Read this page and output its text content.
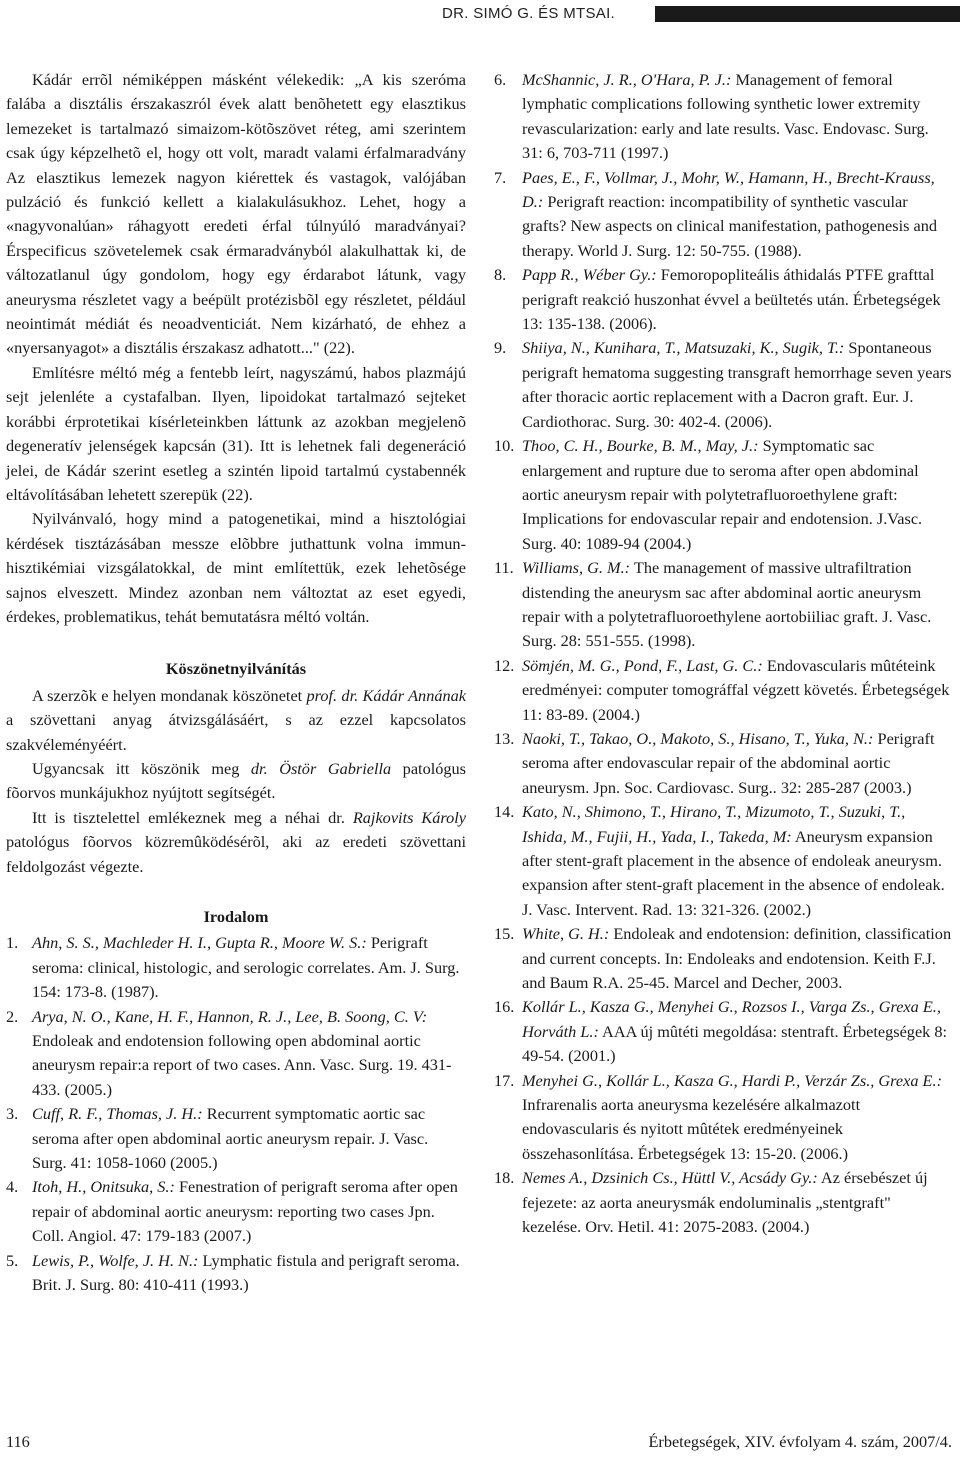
DR. SIMÓ G. ÉS MTSAI.

Kádár errõl némiképpen másként vélekedik: „A kis szeróma falába a disztális érszakaszról évek alatt benõhetett egy elasztikus lemezeket is tartalmazó simaizom-kötõszövet réteg, ami szerintem csak úgy képzelhetõ el, hogy ott volt, maradt valami érfalmaradvány Az elasztikus lemezek nagyon kiérettek és vastagok, valójában pulzáció és funkció kellett a kialakulásukhoz. Lehet, hogy a «nagyvonalúan» ráhagyott eredeti érfal túlnyúló maradványai? Érspecificus szövetelemek csak érmaradványból alakulhattak ki, de változatlanul úgy gondolom, hogy egy érdarabot látunk, vagy aneurysma részletet vagy a beépült protézisbõl egy részletet, például neointimát médiát és neoadventiciát. Nem kizárható, de ehhez a «nyersanyagot» a disztális érszakasz adhatott..." (22).

Említésre méltó még a fentebb leírt, nagyszámú, habos plazmájú sejt jelenléte a cystafalban. Ilyen, lipoidokat tartalmazó sejteket korábbi érprotetikai kísérleteinkben láttunk az azokban megjelenõ degeneratív jelenségek kapcsán (31). Itt is lehetnek fali degeneráció jelei, de Kádár szerint esetleg a szintén lipoid tartalmú cystabennék eltávolításában lehetett szerepük (22).

Nyilvánvaló, hogy mind a patogenetikai, mind a hisztológiai kérdések tisztázásában messze elõbbre juthattunk volna immun-hisztikémiai vizsgálatokkal, de mint említettük, ezek lehetõsége sajnos elveszett. Mindez azonban nem változtat az eset egyedi, érdekes, problematikus, tehát bemutatásra méltó voltán.

Köszönetnyilvánítás

A szerzõk e helyen mondanak köszönetet prof. dr. Kádár Annának a szövettani anyag átvizsgálásáért, s az ezzel kapcsolatos szakvéleményéért.

Ugyancsak itt köszönik meg dr. Östör Gabriella patológus fõorvos munkájukhoz nyújtott segítségét.

Itt is tisztelettel emlékeznek meg a néhai dr. Rajkovits Károly patológus fõorvos közremûködésérõl, aki az eredeti szövettani feldolgozást végezte.

Irodalom
1. Ahn, S. S., Machleder H. I., Gupta R., Moore W. S.: Perigraft seroma: clinical, histologic, and serologic correlates. Am. J. Surg. 154: 173-8. (1987).
2. Arya, N. O., Kane, H. F., Hannon, R. J., Lee, B. Soong, C. V: Endoleak and endotension following open abdominal aortic aneurysm repair:a report of two cases. Ann. Vasc. Surg. 19. 431-433. (2005.)
3. Cuff, R. F., Thomas, J. H.: Recurrent symptomatic aortic sac seroma after open abdominal aortic aneurysm repair. J. Vasc. Surg. 41: 1058-1060 (2005.)
4. Itoh, H., Onitsuka, S.: Fenestration of perigraft seroma after open repair of abdominal aortic aneurysm: reporting two cases Jpn. Coll. Angiol. 47: 179-183 (2007.)
5. Lewis, P., Wolfe, J. H. N.: Lymphatic fistula and perigraft seroma. Brit. J. Surg. 80: 410-411 (1993.)
6. McShannic, J. R., O'Hara, P. J.: Management of femoral lymphatic complications following synthetic lower extremity revascularization: early and late results. Vasc. Endovasc. Surg. 31: 6, 703-711 (1997.)
7. Paes, E., F., Vollmar, J., Mohr, W., Hamann, H., Brecht-Krauss, D.: Perigraft reaction: incompatibility of synthetic vascular grafts? New aspects on clinical manifestation, pathogenesis and therapy. World J. Surg. 12: 50-755. (1988).
8. Papp R., Wéber Gy.: Femoropopliteális áthidalás PTFE grafttal perigraft reakció huszonhat évvel a beültetés után. Érbetegségek 13: 135-138. (2006).
9. Shiiya, N., Kunihara, T., Matsuzaki, K., Sugik, T.: Spontaneous perigraft hematoma suggesting transgraft hemorrhage seven years after thoracic aortic replacement with a Dacron graft. Eur. J. Cardiothorac. Surg. 30: 402-4. (2006).
10. Thoo, C. H., Bourke, B. M., May, J.: Symptomatic sac enlargement and rupture due to seroma after open abdominal aortic aneurysm repair with polytetrafluoroethylene graft: Implications for endovascular repair and endotension. J.Vasc. Surg. 40: 1089-94 (2004.)
11. Williams, G. M.: The management of massive ultrafiltration distending the aneurysm sac after abdominal aortic aneurysm repair with a polytetrafluoroethylene aortobiiliac graft. J. Vasc. Surg. 28: 551-555. (1998).
12. Sömjén, M. G., Pond, F., Last, G. C.: Endovascularis mûtéteink eredményei: computer tomográffal végzett követés. Érbetegségek 11: 83-89. (2004.)
13. Naoki, T., Takao, O., Makoto, S., Hisano, T., Yuka, N.: Perigraft seroma after endovascular repair of the abdominal aortic aneurysm. Jpn. Soc. Cardiovasc. Surg.. 32: 285-287 (2003.)
14. Kato, N., Shimono, T., Hirano, T., Mizumoto, T., Suzuki, T., Ishida, M., Fujii, H., Yada, I., Takeda, M: Aneurysm expansion after stent-graft placement in the absence of endoleak aneurysm. expansion after stent-graft placement in the absence of endoleak. J. Vasc. Intervent. Rad. 13: 321-326. (2002.)
15. White, G. H.: Endoleak and endotension: definition, classification and current concepts. In: Endoleaks and endotension. Keith F.J. and Baum R.A. 25-45. Marcel and Decher, 2003.
16. Kollár L., Kasza G., Menyhei G., Rozsos I., Varga Zs., Grexa E., Horváth L.: AAA új mûtéti megoldása: stentraft. Érbetegségek 8: 49-54. (2001.)
17. Menyhei G., Kollár L., Kasza G., Hardi P., Verzár Zs., Grexa E.: Infrarenalis aorta aneurysma kezelésére alkalmazott endovascularis és nyitott mûtétek eredményeinek összehasonlítása. Érbetegségek 13: 15-20. (2006.)
18. Nemes A., Dzsinich Cs., Hüttl V., Acsády Gy.: Az érsebészet új fejezete: az aorta aneurysmák endoluminalis „stentgraft" kezelése. Orv. Hetil. 41: 2075-2083. (2004.)
116	Érbetegségek, XIV. évfolyam 4. szám, 2007/4.
